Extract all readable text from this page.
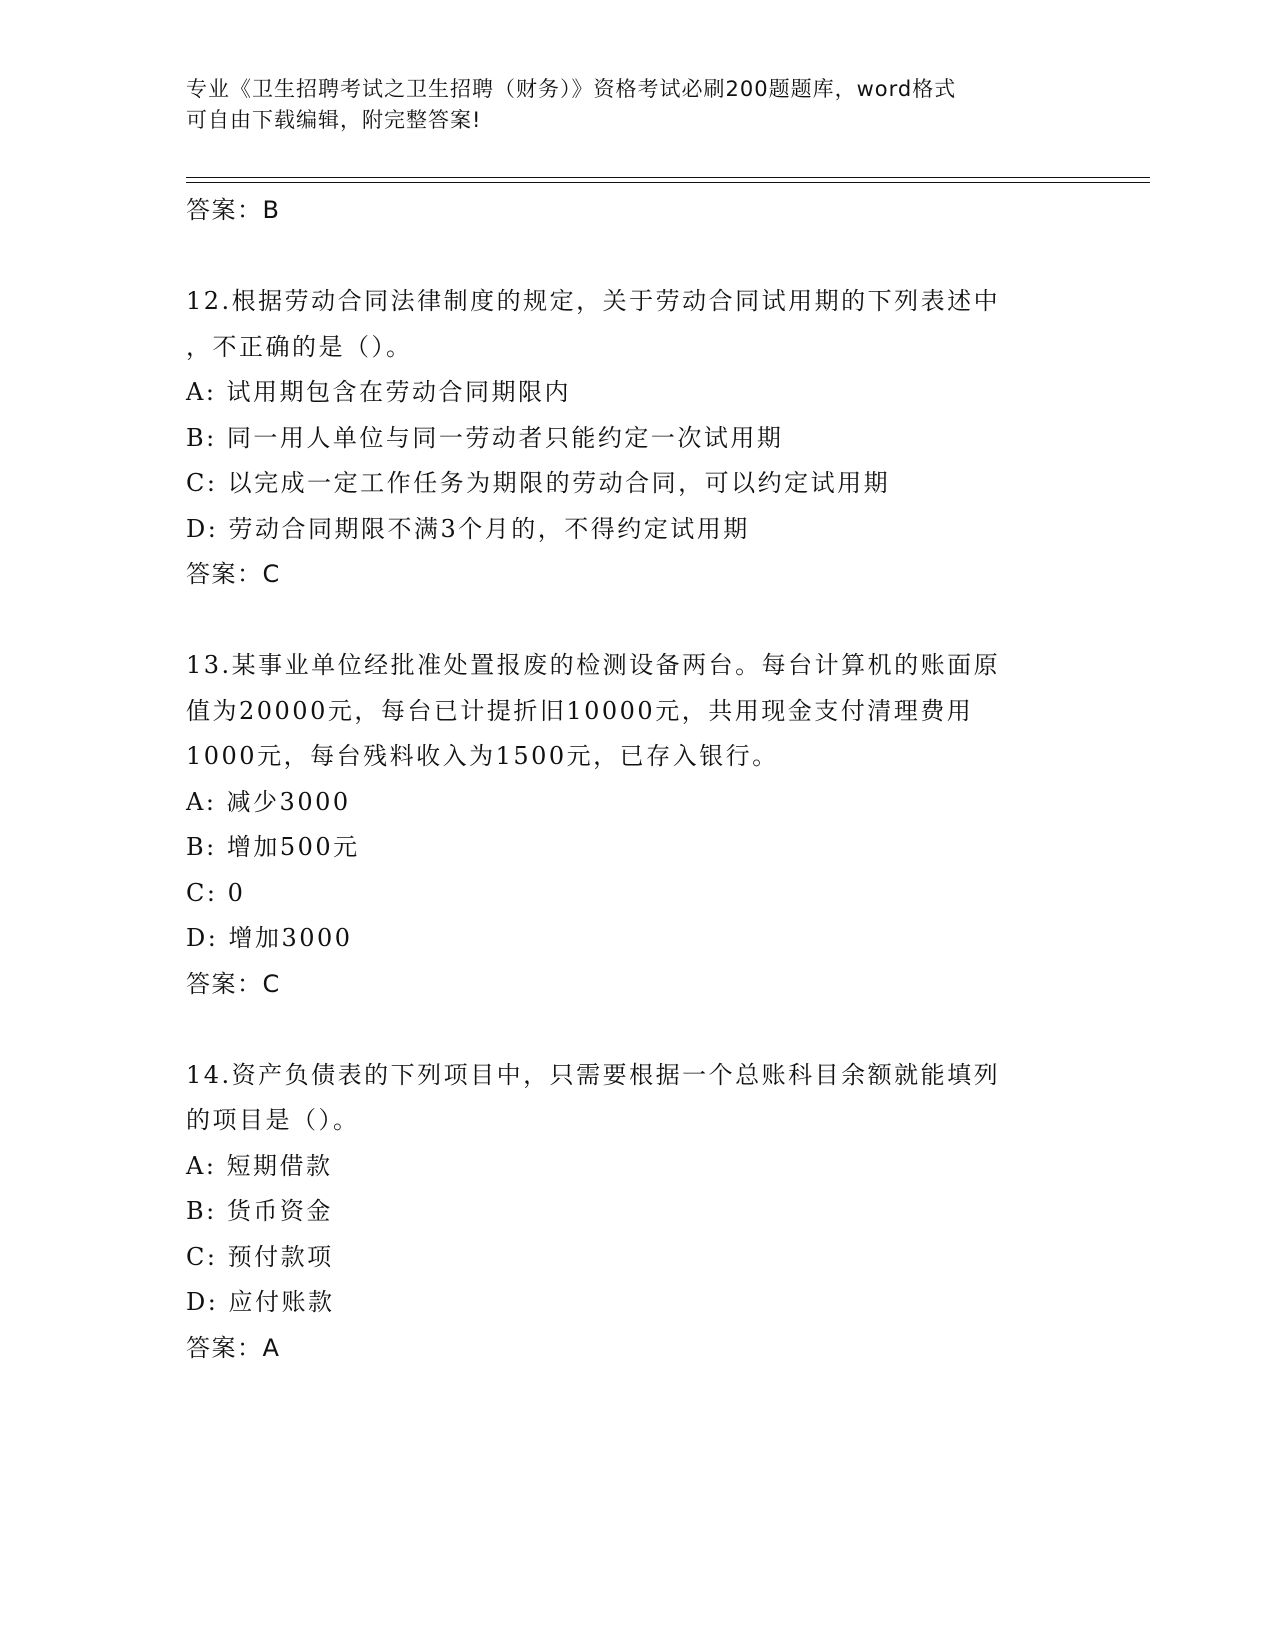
专业《卫生招聘考试之卫生招聘（财务）》资格考试必刷200题题库，word格式
可自由下载编辑，附完整答案!
答案：B
12.根据劳动合同法律制度的规定，关于劳动合同试用期的下列表述中
，不正确的是（）。
A: 试用期包含在劳动合同期限内
B: 同一用人单位与同一劳动者只能约定一次试用期
C: 以完成一定工作任务为期限的劳动合同，可以约定试用期
D: 劳动合同期限不满3个月的，不得约定试用期
答案：C
13.某事业单位经批准处置报废的检测设备两台。每台计算机的账面原
值为20000元，每台已计提折旧10000元，共用现金支付清理费用
1000元，每台残料收入为1500元，已存入银行。
A: 减少3000
B: 增加500元
C: 0
D: 增加3000
答案：C
14.资产负债表的下列项目中，只需要根据一个总账科目余额就能填列
的项目是（）。
A: 短期借款
B: 货币资金
C: 预付款项
D: 应付账款
答案：A
